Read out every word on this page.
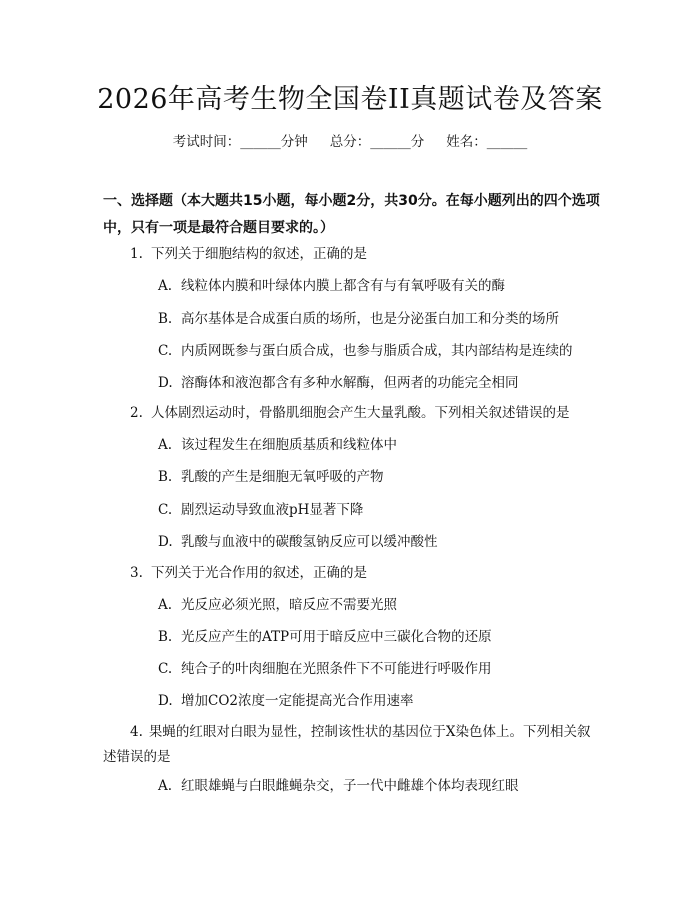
2026年高考生物全国卷II真题试卷及答案
考试时间：______分钟 总分：______分 姓名：______
一、选择题（本大题共15小题，每小题2分，共30分。在每小题列出的四个选项中，只有一项是最符合题目要求的。）
1. 下列关于细胞结构的叙述，正确的是
A. 线粒体内膜和叶绿体内膜上都含有与有氧呼吸有关的酶
B. 高尔基体是合成蛋白质的场所，也是分泌蛋白加工和分类的场所
C. 内质网既参与蛋白质合成，也参与脂质合成，其内部结构是连续的
D. 溶酶体和液泡都含有多种水解酶，但两者的功能完全相同
2. 人体剧烈运动时，骨骼肌细胞会产生大量乳酸。下列相关叙述错误的是
A. 该过程发生在细胞质基质和线粒体中
B. 乳酸的产生是细胞无氧呼吸的产物
C. 剧烈运动导致血液pH显著下降
D. 乳酸与血液中的碳酸氢钠反应可以缓冲酸性
3. 下列关于光合作用的叙述，正确的是
A. 光反应必须光照，暗反应不需要光照
B. 光反应产生的ATP可用于暗反应中三碳化合物的还原
C. 纯合子的叶肉细胞在光照条件下不可能进行呼吸作用
D. 增加CO2浓度一定能提高光合作用速率
4. 果蝇的红眼对白眼为显性，控制该性状的基因位于X染色体上。下列相关叙述错误的是
A. 红眼雄蝇与白眼雌蝇杂交，子一代中雌雄个体均表现红眼
